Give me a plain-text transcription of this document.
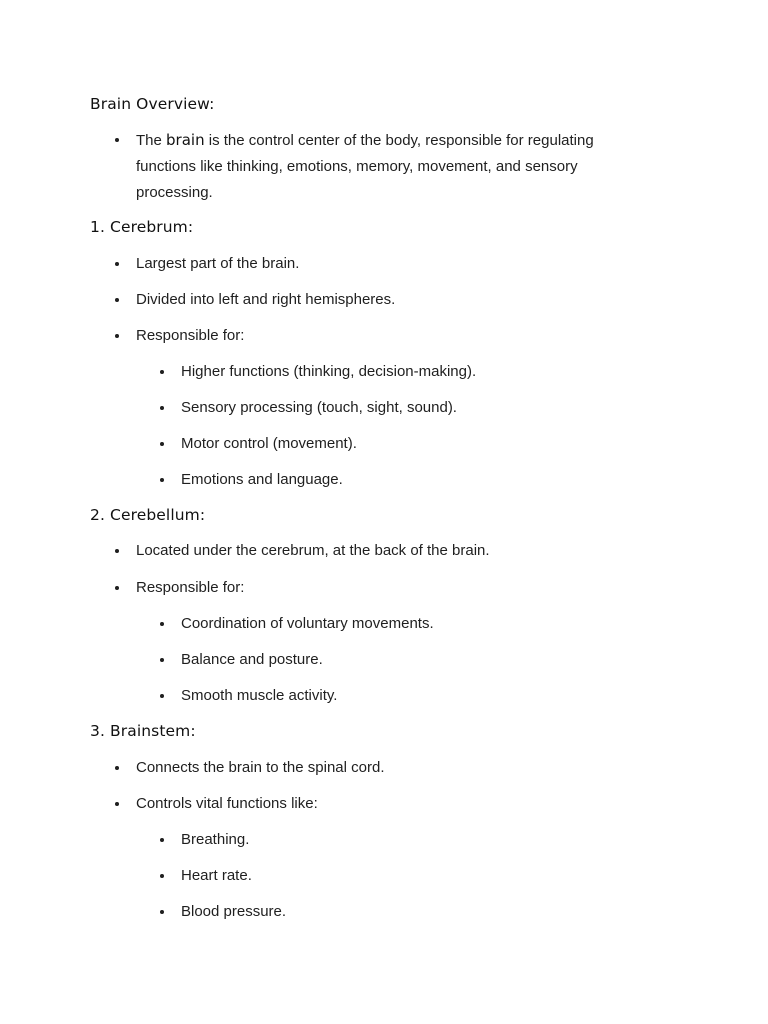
Brain Overview:

The brain is the control center of the body, responsible for regulating functions like thinking, emotions, memory, movement, and sensory processing.

1. Cerebrum:

Largest part of the brain.

Divided into left and right hemispheres.

Responsible for:

Higher functions (thinking, decision-making).

Sensory processing (touch, sight, sound).

Motor control (movement).

Emotions and language.

2. Cerebellum:

Located under the cerebrum, at the back of the brain.

Responsible for:

Coordination of voluntary movements.

Balance and posture.

Smooth muscle activity.

3. Brainstem:

Connects the brain to the spinal cord.

Controls vital functions like:

Breathing.

Heart rate.

Blood pressure.
